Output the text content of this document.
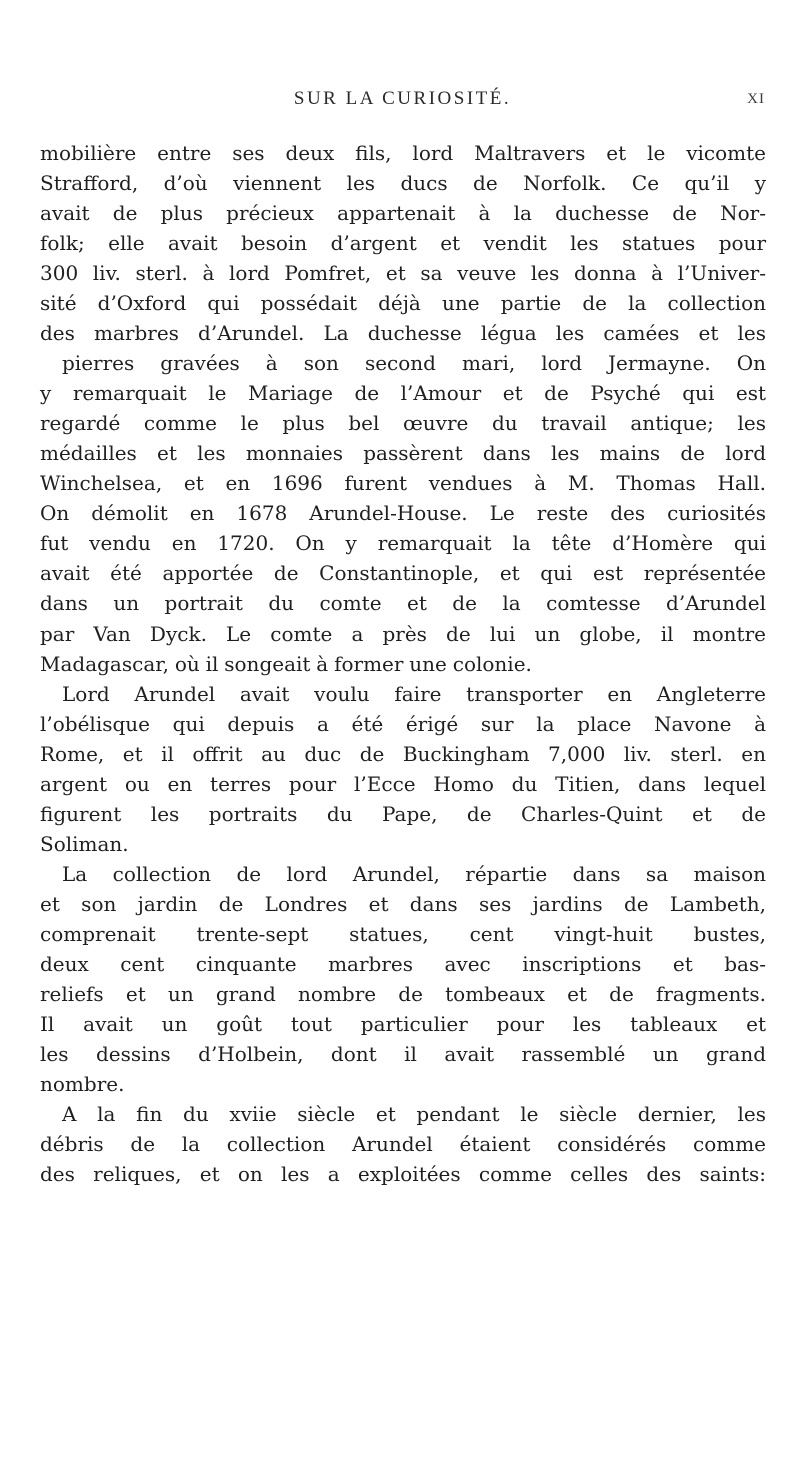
SUR LA CURIOSITÉ.	XI
mobilière entre ses deux fils, lord Maltravers et le vicomte
Strafford, d’où viennent les ducs de Norfolk. Ce qu’il y
avait de plus précieux appartenait à la duchesse de Nor-
folk; elle avait besoin d’argent et vendit les statues pour
300 liv. sterl. à lord Pomfret, et sa veuve les donna à l’Univer-
sité d’Oxford qui possédait déjà une partie de la collection
des marbres d’Arundel. La duchesse légua les camées et les
pierres gravées à son second mari, lord Jermayne. On
y remarquait le Mariage de l’Amour et de Psyché qui est
regardé comme le plus bel œuvre du travail antique; les
médailles et les monnaies passèrent dans les mains de lord
Winchelsea, et en 1696 furent vendues à M. Thomas Hall.
On démolit en 1678 Arundel-House. Le reste des curiosités
fut vendu en 1720. On y remarquait la tête d’Homère qui
avait été apportée de Constantinople, et qui est représentée
dans un portrait du comte et de la comtesse d’Arundel
par Van Dyck. Le comte a près de lui un globe, il montre
Madagascar, où il songeait à former une colonie.
Lord Arundel avait voulu faire transporter en Angleterre
l’obélisque qui depuis a été érigé sur la place Navone à
Rome, et il offrit au duc de Buckingham 7,000 liv. sterl. en
argent ou en terres pour l’Ecce Homo du Titien, dans lequel
figurent les portraits du Pape, de Charles-Quint et de
Soliman.
La collection de lord Arundel, répartie dans sa maison
et son jardin de Londres et dans ses jardins de Lambeth,
comprenait trente-sept statues, cent vingt-huit bustes,
deux cent cinquante marbres avec inscriptions et bas-
reliefs et un grand nombre de tombeaux et de fragments.
Il avait un goût tout particulier pour les tableaux et
les dessins d’Holbein, dont il avait rassemblé un grand
nombre.
A la fin du xviie siècle et pendant le siècle dernier, les
débris de la collection Arundel étaient considérés comme
des reliques, et on les a exploitées comme celles des saints:
